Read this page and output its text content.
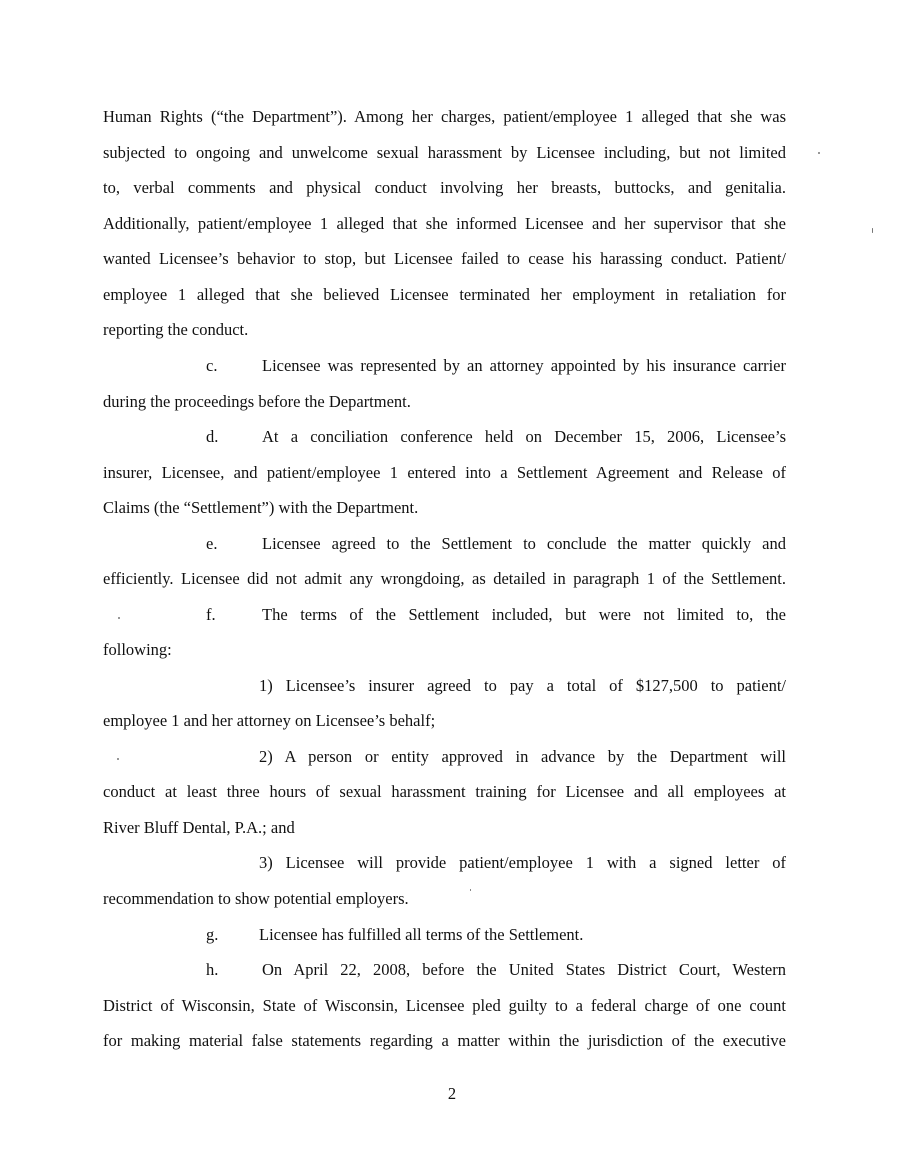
Human Rights (“the Department”). Among her charges, patient/employee 1 alleged that she was
subjected to ongoing and unwelcome sexual harassment by Licensee including, but not limited
to, verbal comments and physical conduct involving her breasts, buttocks, and genitalia.
Additionally, patient/employee 1 alleged that she informed Licensee and her supervisor that she
wanted Licensee’s behavior to stop, but Licensee failed to cease his harassing conduct. Patient/
employee 1 alleged that she believed Licensee terminated her employment in retaliation for
reporting the conduct.
c.	Licensee was represented by an attorney appointed by his insurance carrier
during the proceedings before the Department.
d.	At a conciliation conference held on December 15, 2006, Licensee’s
insurer, Licensee, and patient/employee 1 entered into a Settlement Agreement and Release of
Claims (the “Settlement”) with the Department.
e.	Licensee agreed to the Settlement to conclude the matter quickly and
efficiently. Licensee did not admit any wrongdoing, as detailed in paragraph 1 of the Settlement.
f.	The terms of the Settlement included, but were not limited to, the
following:
1) Licensee’s insurer agreed to pay a total of $127,500 to patient/
employee 1 and her attorney on Licensee’s behalf;
2) A person or entity approved in advance by the Department will
conduct at least three hours of sexual harassment training for Licensee and all employees at
River Bluff Dental, P.A.; and
3) Licensee will provide patient/employee 1 with a signed letter of
recommendation to show potential employers.
g. Licensee has fulfilled all terms of the Settlement.
h.	On April 22, 2008, before the United States District Court, Western
District of Wisconsin, State of Wisconsin, Licensee pled guilty to a federal charge of one count
for making material false statements regarding a matter within the jurisdiction of the executive
2
